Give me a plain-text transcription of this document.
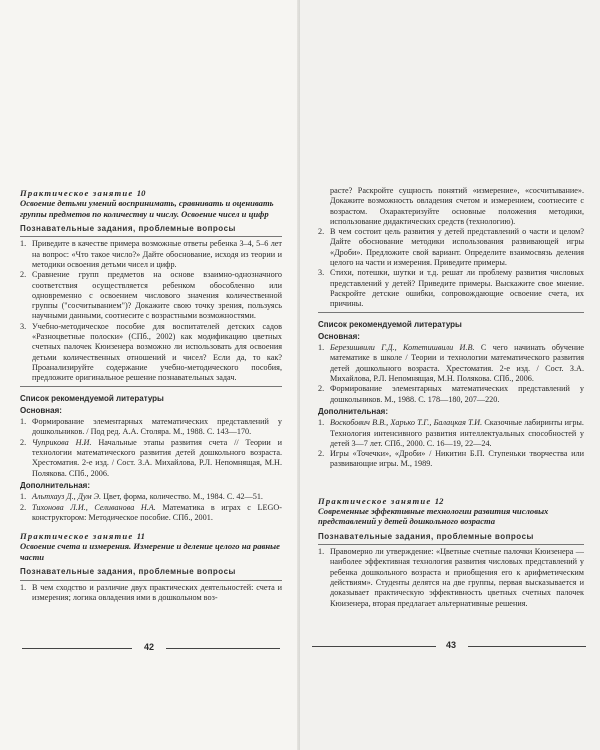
Практическое занятие 10

Освоение детьми умений воспринимать, сравнивать и оценивать группы предметов по количеству и числу. Освоение чисел и цифр

Познавательные задания, проблемные вопросы
1. Приведите в качестве примера возможные ответы ребенка 3–4, 5–6 лет на вопрос: «Что такое число?» Дайте обоснование, исходя из теории и методики освоения детьми чисел и цифр.
2. Сравнение групп предметов на основе взаимно-однозначного соответствия осуществляется ребенком обособленно или одновременно с освоением числового значения количественной группы ("сосчитыванием")? Докажите свою точку зрения, пользуясь научными данными, соотнесите с возрастными возможностями.
3. Учебно-методическое пособие для воспитателей детских садов «Разноцветные полоски» (СПб., 2002) как модификацию цветных счетных палочек Кюизенера возможно ли использовать для освоения детьми количественных отношений и чисел? Если да, то как? Проанализируйте содержание учебно-методического пособия, предложите оригинальное решение познавательных задач.
Список рекомендуемой литературы
Основная:
1. Формирование элементарных математических представлений у дошкольников. / Под ред. А.А. Столяра. М., 1988. С. 143—170.
2. Чуприкова Н.И. Начальные этапы развития счета // Теории и технологии математического развития детей дошкольного возраста. Хрестоматия. 2-е изд. / Сост. З.А. Михайлова, Р.Л. Непомнящая, М.Н. Полякова. СПб., 2006.
Дополнительная:
1. Альтхауз Д., Дум Э. Цвет, форма, количество. М., 1984. С. 42—51.
2. Тихонова Л.И., Селиванова Н.А. Математика в играх с LEGO-конструктором: Методическое пособие. СПб., 2001.

Практическое занятие 11

Освоение счета и измерения. Измерение и деление целого на равные части

Познавательные задания, проблемные вопросы
1. В чем сходство и различие двух практических деятельностей: счета и измерения; логика овладения ими в дошкольном воз-
42
расте? Раскройте сущность понятий «измерение», «сосчитывание». Докажите возможность овладения счетом и измерением, соотнесите с возрастом. Охарактеризуйте основные положения методики, использование дидактических средств (технологию).
2. В чем состоит цель развития у детей представлений о части и целом? Дайте обоснование методики использования развивающей игры «Дроби». Предложите свой вариант. Определите взаимосвязь деления целого на части и измерения. Приведите примеры.
3. Стихи, потешки, шутки и т.д. решат ли проблему развития числовых представлений у детей? Приведите примеры. Выскажите свое мнение. Раскройте детские ошибки, сопровождающие освоение счета, их причины.
Список рекомендуемой литературы
Основная:
1. Березишвили Г.Д., Котетишвили И.В. С чего начинать обучение математике в школе / Теории и технологии математического развития детей дошкольного возраста. Хрестоматия. 2-е изд. / Сост. З.А. Михайлова, Р.Л. Непомнящая, М.Н. Полякова. СПб., 2006.
2. Формирование элементарных математических представлений у дошкольников. М., 1988. С. 178—180, 207—220.
Дополнительная:
1. Воскобович В.В., Харько Т.Г., Балацкая Т.И. Сказочные лабиринты игры. Технология интенсивного развития интеллектуальных способностей у детей 3—7 лет. СПб., 2000. С. 16—19, 22—24.
2. Игры «Точечки», «Дроби» / Никитин Б.П. Ступеньки творчества или развивающие игры. М., 1989.

Практическое занятие 12

Современные эффективные технологии развития числовых представлений у детей дошкольного возраста

Познавательные задания, проблемные вопросы
1. Правомерно ли утверждение: «Цветные счетные палочки Кюизенера — наиболее эффективная технология развития числовых представлений у ребенка дошкольного возраста и приобщения его к арифметическим действиям». Студенты делятся на две группы, первая высказывается и доказывает практическую эффективность цветных счетных палочек Кюизенера, вторая предлагает альтернативные решения.
43
